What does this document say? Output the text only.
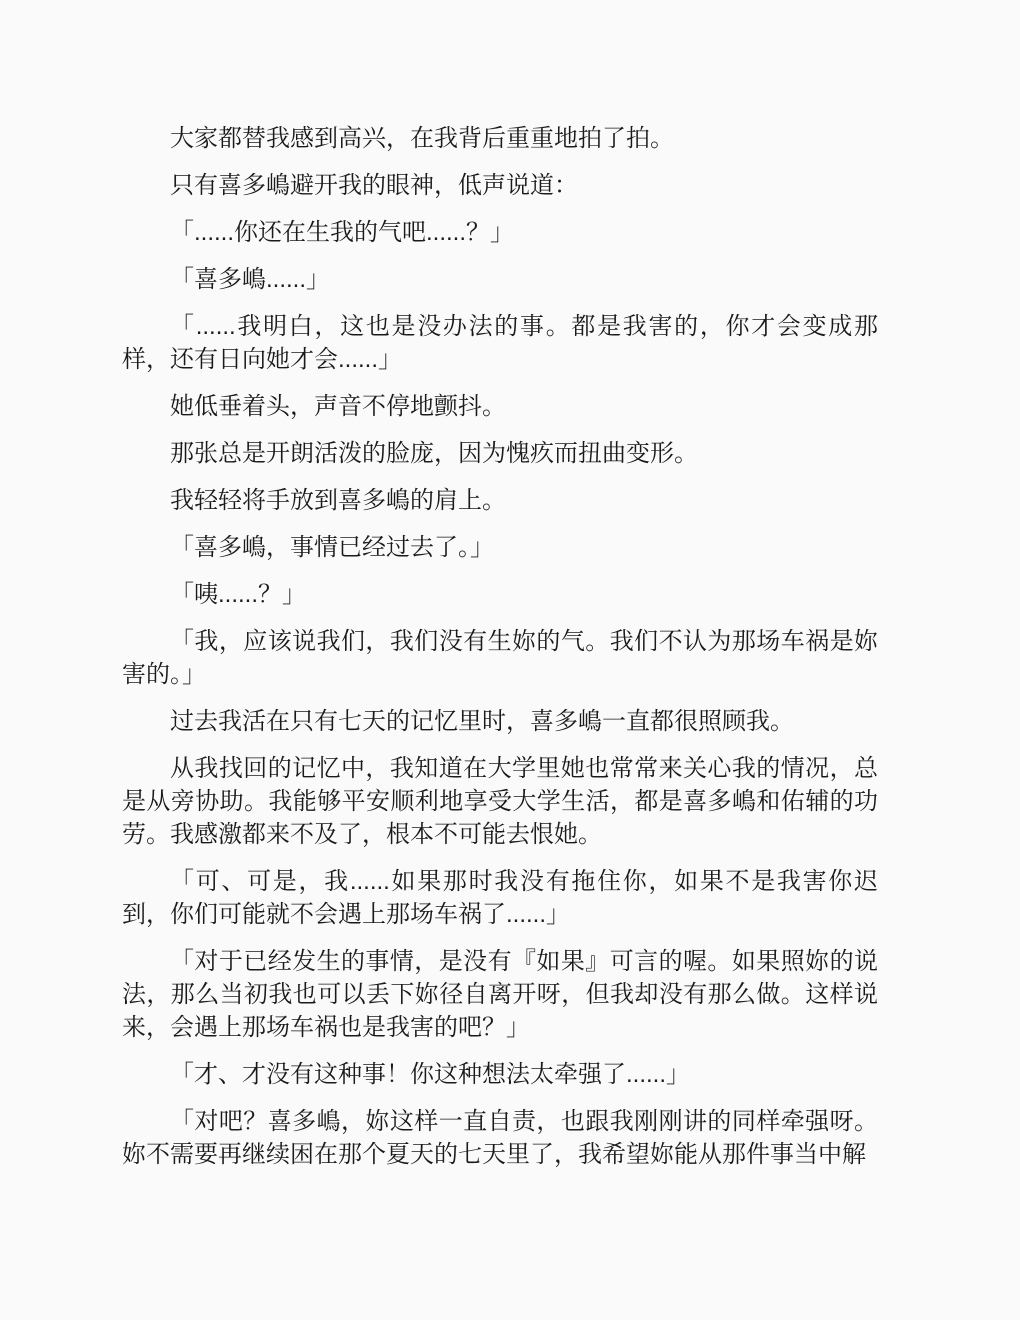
大家都替我感到高兴，在我背后重重地拍了拍。

只有喜多嶋避开我的眼神，低声说道：

「......你还在生我的气吧......？」

「喜多嶋......」

「......我明白，这也是没办法的事。都是我害的，你才会变成那样，还有日向她才会......」

她低垂着头，声音不停地颤抖。

那张总是开朗活泼的脸庞，因为愧疚而扭曲变形。

我轻轻将手放到喜多嶋的肩上。

「喜多嶋，事情已经过去了。」

「咦......？」

「我，应该说我们，我们没有生妳的气。我们不认为那场车祸是妳害的。」

过去我活在只有七天的记忆里时，喜多嶋一直都很照顾我。

从我找回的记忆中，我知道在大学里她也常常来关心我的情况，总是从旁协助。我能够平安顺利地享受大学生活，都是喜多嶋和佑辅的功劳。我感激都来不及了，根本不可能去恨她。

「可、可是，我......如果那时我没有拖住你，如果不是我害你迟到，你们可能就不会遇上那场车祸了......」

「对于已经发生的事情，是没有『如果』可言的喔。如果照妳的说法，那么当初我也可以丢下妳径自离开呀，但我却没有那么做。这样说来，会遇上那场车祸也是我害的吧？」

「才、才没有这种事！你这种想法太牵强了......」

「对吧？喜多嶋，妳这样一直自责，也跟我刚刚讲的同样牵强呀。妳不需要再继续困在那个夏天的七天里了，我希望妳能从那件事当中解
